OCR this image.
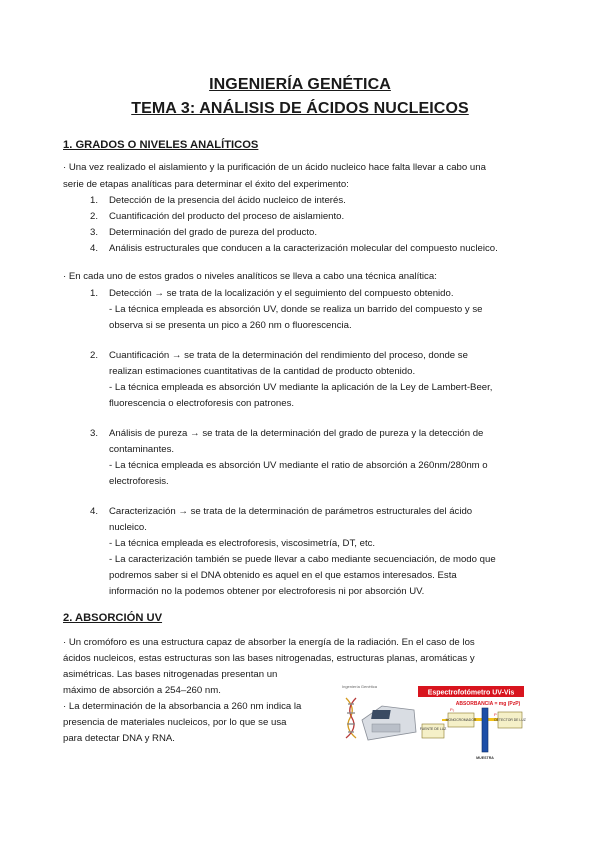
INGENIERÍA GENÉTICA
TEMA 3: ANÁLISIS DE ÁCIDOS NUCLEICOS
1. GRADOS O NIVELES ANALÍTICOS
· Una vez realizado el aislamiento y la purificación de un ácido nucleico hace falta llevar a cabo una
serie de etapas analíticas para determinar el éxito del experimento:
1. Detección de la presencia del ácido nucleico de interés.
2. Cuantificación del producto del proceso de aislamiento.
3. Determinación del grado de pureza del producto.
4. Análisis estructurales que conducen a la caracterización molecular del compuesto nucleico.
· En cada uno de estos grados o niveles analíticos se lleva a cabo una técnica analítica:
1. Detección → se trata de la localización y el seguimiento del compuesto obtenido.
- La técnica empleada es absorción UV, donde se realiza un barrido del compuesto y se
observa si se presenta un pico a 260 nm o fluorescencia.
2. Cuantificación → se trata de la determinación del rendimiento del proceso, donde se
realizan estimaciones cuantitativas de la cantidad de producto obtenido.
- La técnica empleada es absorción UV mediante la aplicación de la Ley de Lambert-Beer,
fluorescencia o electroforesis con patrones.
3. Análisis de pureza → se trata de la determinación del grado de pureza y la detección de
contaminantes.
- La técnica empleada es absorción UV mediante el ratio de absorción a 260nm/280nm o
electroforesis.
4. Caracterización → se trata de la determinación de parámetros estructurales del ácido
nucleico.
- La técnica empleada es electroforesis, viscosimetría, DT, etc.
- La caracterización también se puede llevar a cabo mediante secuenciación, de modo que
podremos saber si el DNA obtenido es aquel en el que estamos interesados. Esta
información no la podemos obtener por electroforesis ni por absorción UV.
2. ABSORCIÓN UV
· Un cromóforo es una estructura capaz de absorber la energía de la radiación. En el caso de los
ácidos nucleicos, estas estructuras son las bases nitrogenadas, estructuras planas, aromáticas y
asimétricas. Las bases nitrogenadas presentan un
máximo de absorción a 254–260 nm.
· La determinación de la absorbancia a 260 nm indica la
presencia de materiales nucleicos, por lo que se usa
para detectar DNA y RNA.
Ingeniería Genética
Espectrofotómetro UV-Vis
ABSORBANCIA = mg (PzP)
FUENTE DE LUZ
MONOCROMADOR
P₀
MUESTRA
P
DETECTOR DE LUZ
